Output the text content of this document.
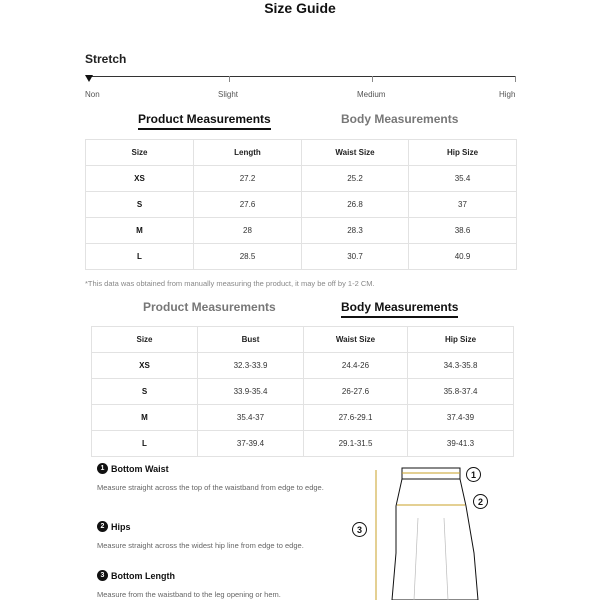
Size Guide
Stretch
Non	Slight	Medium	High
Product Measurements	Body Measurements
Size	Length	Waist Size	Hip Size
XS	27.2	25.2	35.4
S	27.6	26.8	37
M	28	28.3	38.6
L	28.5	30.7	40.9
*This data was obtained from manually measuring the product, it may be off by 1-2 CM.
Product Measurements	Body Measurements
Size	Bust	Waist Size	Hip Size
XS	32.3-33.9	24.4-26	34.3-35.8
S	33.9-35.4	26-27.6	35.8-37.4
M	35.4-37	27.6-29.1	37.4-39
L	37-39.4	29.1-31.5	39-41.3
1 Bottom Waist
Measure straight across the top of the waistband from edge to edge.
2 Hips
Measure straight across the widest hip line from edge to edge.
3 Bottom Length
Measure from the waistband to the leg opening or hem.
1
2
3
